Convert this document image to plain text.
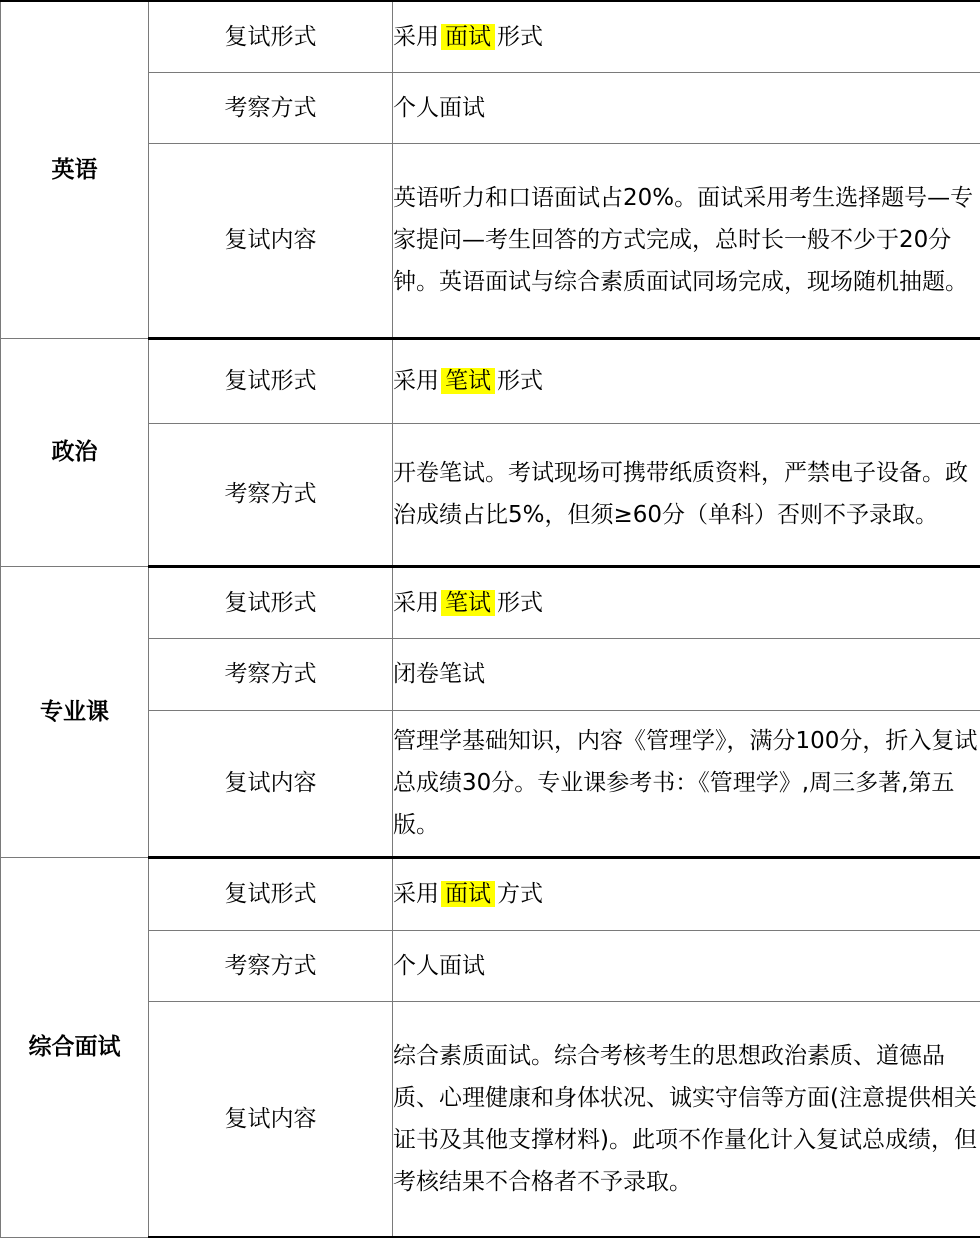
英语	复试形式	采用 面试 形式
	考察方式	个人面试
	复试内容	英语听力和口语面试占20%。面试采用考生选择题号—专家提问—考生回答的方式完成，总时长一般不少于20分钟。英语面试与综合素质面试同场完成，现场随机抽题。
政治	复试形式	采用 笔试 形式
	考察方式	开卷笔试。考试现场可携带纸质资料，严禁电子设备。政治成绩占比5%，但须≥60分（单科）否则不予录取。
专业课	复试形式	采用 笔试 形式
	考察方式	闭卷笔试
	复试内容	管理学基础知识，内容《管理学》，满分100分，折入复试总成绩30分。专业课参考书：《管理学》,周三多著,第五版。
综合面试	复试形式	采用 面试 方式
	考察方式	个人面试
	复试内容	综合素质面试。综合考核考生的思想政治素质、道德品质、心理健康和身体状况、诚实守信等方面(注意提供相关证书及其他支撑材料)。此项不作量化计入复试总成绩，但考核结果不合格者不予录取。
